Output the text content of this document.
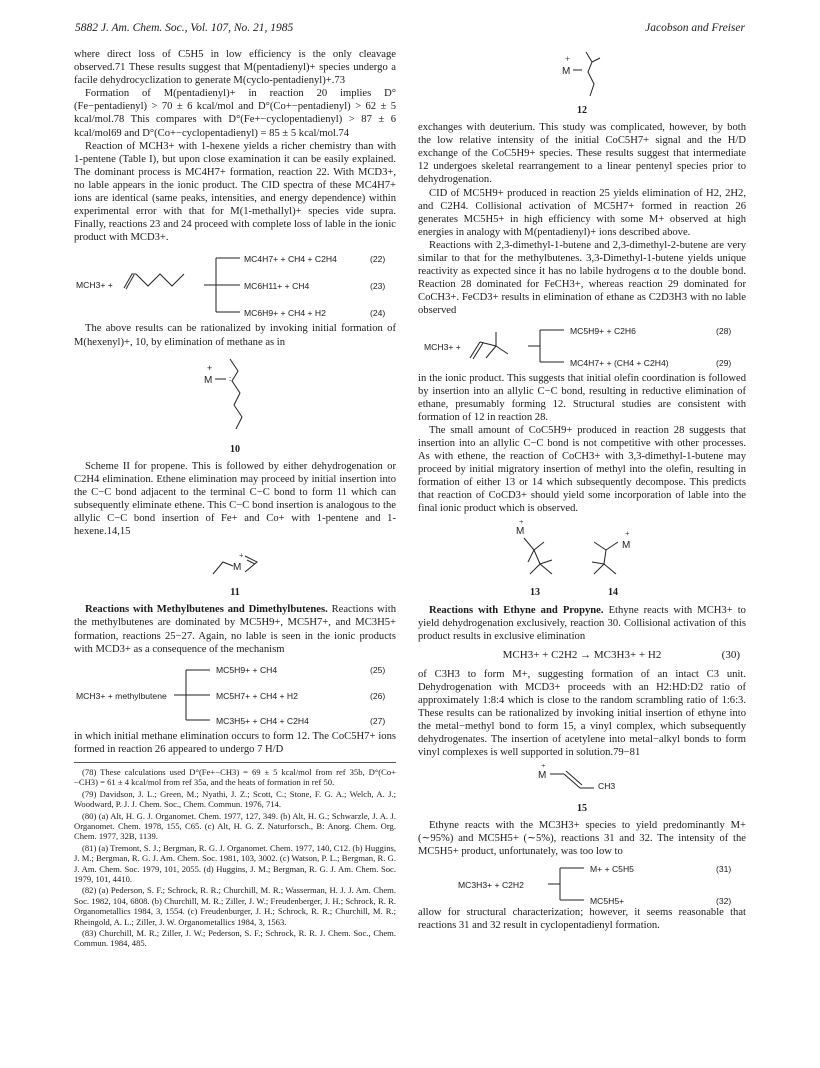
5882 J. Am. Chem. Soc., Vol. 107, No. 21, 1985	Jacobson and Freiser

where direct loss of C5H5 in low efficiency is the only cleavage observed.71 These results suggest that M(pentadienyl)+ species undergo a facile dehydrocyclization to generate M(cyclo-pentadienyl)+.73

Formation of M(pentadienyl)+ in reaction 20 implies D°(Fe−pentadienyl) > 70 ± 6 kcal/mol and D°(Co+−pentadienyl) > 62 ± 5 kcal/mol.78 This compares with D°(Fe+−cyclopentadienyl) > 87 ± 6 kcal/mol69 and D°(Co+−cyclopentadienyl) = 85 ± 5 kcal/mol.74

Reaction of MCH3+ with 1-hexene yields a richer chemistry than with 1-pentene (Table I), but upon close examination it can be easily explained. The dominant process is MC4H7+ formation, reaction 22. With MCD3+, no lable appears in the ionic product. The CID spectra of these MC4H7+ ions are identical (same peaks, intensities, and energy dependence) within experimental error with that for M(1-methallyl)+ species vide supra. Finally, reactions 23 and 24 proceed with complete loss of lable in the ionic product with MCD3+.

MCH3+ +
MC4H7+ + CH4 + C2H4	(22)
MC6H11+ + CH4	(23)
MC6H9+ + CH4 + H2	(24)

The above results can be rationalized by invoking initial formation of M(hexenyl)+, 10, by elimination of methane as in

M
+
:
10

Scheme II for propene. This is followed by either dehydrogenation or C2H4 elimination. Ethene elimination may proceed by initial insertion into the C−C bond adjacent to the terminal C−C bond to form 11 which can subsequently eliminate ethene. This C−C bond insertion is analogous to the allylic C−C bond insertion of Fe+ and Co+ with 1-pentene and 1-hexene.14,15

M
+
11

Reactions with Methylbutenes and Dimethylbutenes. Reactions with the methylbutenes are dominated by MC5H9+, MC5H7+, and MC3H5+ formation, reactions 25−27. Again, no lable is seen in the ionic products with MCD3+ as a consequence of the mechanism

MCH3+ + methylbutene
MC5H9+ + CH4	(25)
MC5H7+ + CH4 + H2	(26)
MC3H5+ + CH4 + C2H4	(27)

in which initial methane elimination occurs to form 12. The CoC5H7+ ions formed in reaction 26 appeared to undergo 7 H/D

(78) These calculations used D°(Fe+−CH3) = 69 ± 5 kcal/mol from ref 35b, D°(Co+−CH3) = 61 ± 4 kcal/mol from ref 35a, and the heats of formation in ref 50.
(79) Davidson, J. L.; Green, M.; Nyathi, J. Z.; Scott, C.; Stone, F. G. A.; Welch, A. J.; Woodward, P. J. J. Chem. Soc., Chem. Commun. 1976, 714.
(80) (a) Alt, H. G. J. Organomet. Chem. 1977, 127, 349. (b) Alt, H. G.; Schwarzle, J. A. J. Organomet. Chem. 1978, 155, C65. (c) Alt, H. G. Z. Naturforsch., B: Anorg. Chem. Org. Chem. 1977, 32B, 1139.
(81) (a) Tremont, S. J.; Bergman, R. G. J. Organomet. Chem. 1977, 140, C12. (b) Huggins, J. M.; Bergman, R. G. J. Am. Chem. Soc. 1981, 103, 3002. (c) Watson, P. L.; Bergman, R. G. J. Am. Chem. Soc. 1979, 101, 2055. (d) Huggins, J. M.; Bergman, R. G. J. Am. Chem. Soc. 1979, 101, 4410.
(82) (a) Pederson, S. F.; Schrock, R. R.; Churchill, M. R.; Wasserman, H. J. J. Am. Chem. Soc. 1982, 104, 6808. (b) Churchill, M. R.; Ziller, J. W.; Freudenberger, J. H.; Schrock, R. R. Organometallics 1984, 3, 1554. (c) Freudenburger, J. H.; Schrock, R. R.; Churchill, M. R.; Rheingold, A. L.; Ziller, J. W. Organometallics 1984, 3, 1563.
(83) Churchill, M. R.; Ziller, J. W.; Pederson, S. F.; Schrock, R. R. J. Chem. Soc., Chem. Commun. 1984, 485.
M
+
12

exchanges with deuterium. This study was complicated, however, by both the low relative intensity of the initial CoC5H7+ signal and the H/D exchange of the CoC5H9+ species. These results suggest that intermediate 12 undergoes skeletal rearrangement to a linear pentenyl species prior to dehydrogenation.

CID of MC5H9+ produced in reaction 25 yields elimination of H2, 2H2, and C2H4. Collisional activation of MC5H7+ formed in reaction 26 generates MC5H5+ in high efficiency with some M+ observed at high energies in analogy with M(pentadienyl)+ ions described above.

Reactions with 2,3-dimethyl-1-butene and 2,3-dimethyl-2-butene are very similar to that for the methylbutenes. 3,3-Dimethyl-1-butene yields unique reactivity as expected since it has no labile hydrogens α to the double bond. Reaction 28 dominated for FeCH3+, whereas reaction 29 dominated for CoCH3+. FeCD3+ results in elimination of ethane as C2D3H3 with no lable observed

MCH3+ +
MC5H9+ + C2H6	(28)
MC4H7+ + (CH4 + C2H4)	(29)

in the ionic product. This suggests that initial olefin coordination is followed by insertion into an allylic C−C bond, resulting in reductive elimination of ethane, presumably forming 12. Structural studies are consistent with formation of 12 in reaction 28.

The small amount of CoC5H9+ produced in reaction 28 suggests that insertion into an allylic C−C bond is not competitive with other processes. As with ethene, the reaction of CoCH3+ with 3,3-dimethyl-1-butene may proceed by initial migratory insertion of methyl into the olefin, resulting in formation of either 13 or 14 which subsequently decompose. This predicts that reaction of CoCD3+ should yield some incorporation of lable into the final ionic product which is observed.

M
+
M
+
13	14

Reactions with Ethyne and Propyne. Ethyne reacts with MCH3+ to yield dehydrogenation exclusively, reaction 30. Collisional activation of this product results in exclusive elimination

MCH3+ + C2H2 → MC3H3+ + H2	(30)

of C3H3 to form M+, suggesting formation of an intact C3 unit. Dehydrogenation with MCD3+ proceeds with an H2:HD:D2 ratio of approximately 1:8:4 which is close to the random scrambling ratio of 1:6:3. These results can be rationalized by invoking initial insertion of ethyne into the metal−methyl bond to form 15, a vinyl complex, which subsequently dehydrogenates. The insertion of acetylene into metal−alkyl bonds to form vinyl complexes is well supported in solution.79−81

M
+
CH3
15

Ethyne reacts with the MC3H3+ species to yield predominantly M+ (∼95%) and MC5H5+ (∼5%), reactions 31 and 32. The intensity of the MC5H5+ product, unfortunately, was too low to

MC3H3+ + C2H2
M+ + C5H5	(31)
MC5H5+	(32)

allow for structural characterization; however, it seems reasonable that reactions 31 and 32 result in cyclopentadienyl formation.
